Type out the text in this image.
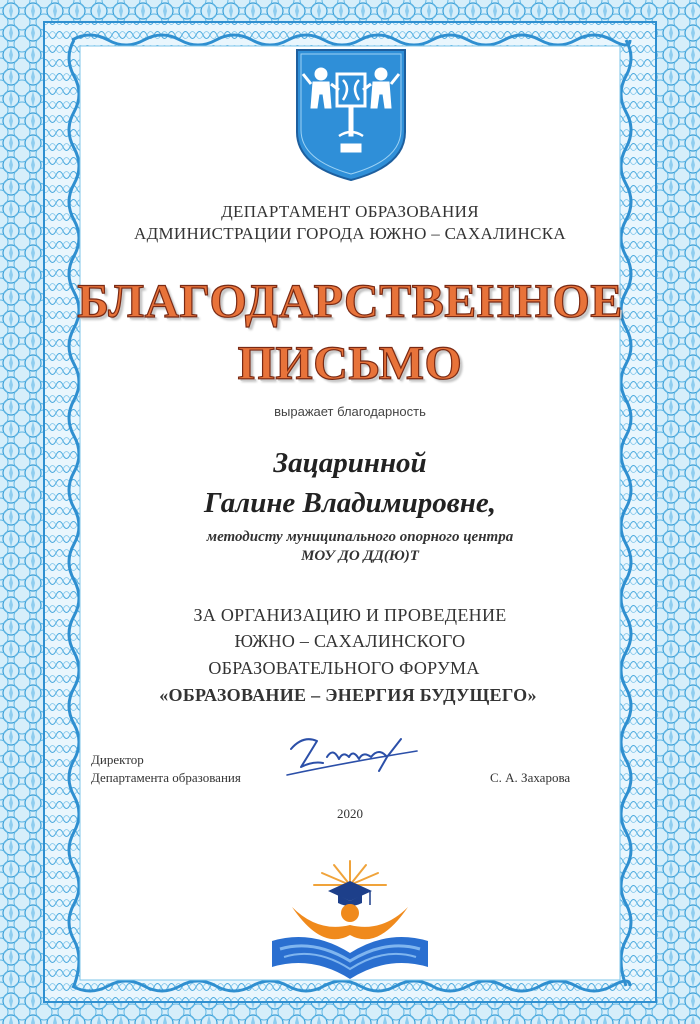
ДЕПАРТАМЕНТ ОБРАЗОВАНИЯ
АДМИНИСТРАЦИИ ГОРОДА ЮЖНО – САХАЛИНСКА
БЛАГОДАРСТВЕННОЕ
ПИСЬМО
выражает благодарность
Зацаринной
Галине Владимировне,
методисту муниципального опорного центра
МОУ ДО ДД(Ю)Т
ЗА ОРГАНИЗАЦИЮ И ПРОВЕДЕНИЕ
ЮЖНО – САХАЛИНСКОГО
ОБРАЗОВАТЕЛЬНОГО ФОРУМА
«ОБРАЗОВАНИЕ – ЭНЕРГИЯ БУДУЩЕГО»
Директор
Департамента образования	С. А. Захарова
2020
